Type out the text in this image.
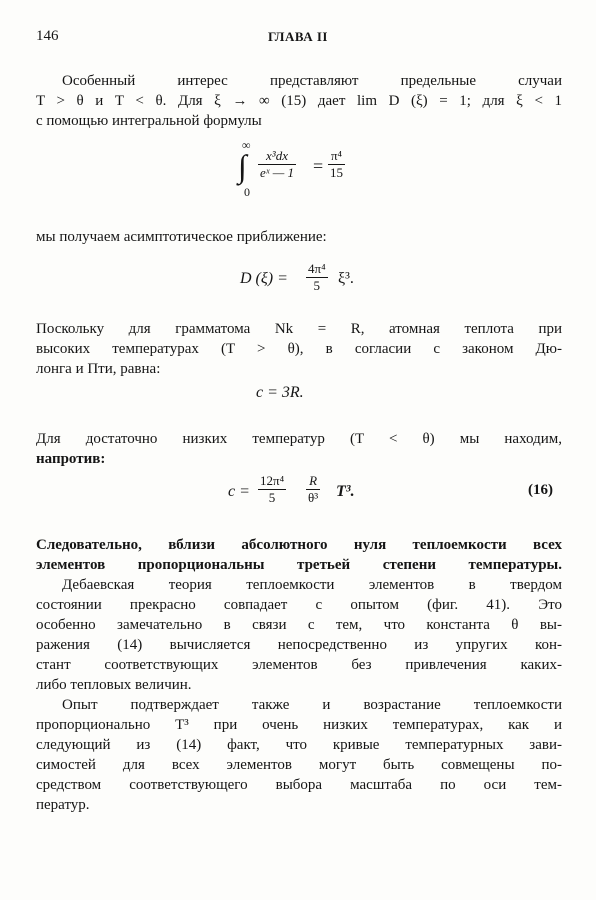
146	ГЛАВА II
Особенный интерес представляют предельные случаи
T > θ и T < θ. Для ξ → ∞ (15) дает lim D (ξ) = 1; для ξ < 1
с помощью интегральной формулы
∞
∫
0
$\frac{\text{x³dx}}{\text{eˣ — 1}} = \frac{\text{π⁴}}{15}$
мы получаем асимптотическое приближение:
D $(\xi) = \frac{\text{4π⁴}}{5} \xi^3$.
Поскольку для грамматома Nk = R, атомная теплота при
высоких температурах (T > θ), в согласии с законом Дю-
лонга и Пти, равна:
c = 3R.
Для достаточно низких температур (T < θ) мы находим,
напротив:
$c = \frac{\text{12π⁴}}{5} \frac{R}{\text{θ³}} T^3$.	(16)
Следовательно, вблизи абсолютного нуля теплоемкости всех
элементов пропорциональны третьей степени температуры.
Дебаевская теория теплоемкости элементов в твердом
состоянии прекрасно совпадает с опытом (фиг. 41). Это
особенно замечательно в связи с тем, что константа θ вы-
ражения (14) вычисляется непосредственно из упругих кон-
стант соответствующих элементов без привлечения каких-
либо тепловых величин.
Опыт подтверждает также и возрастание теплоемкости
пропорционально T³ при очень низких температурах, как и
следующий из (14) факт, что кривые температурных зави-
симостей для всех элементов могут быть совмещены по-
средством соответствующего выбора масштаба по оси тем-
ператур.
